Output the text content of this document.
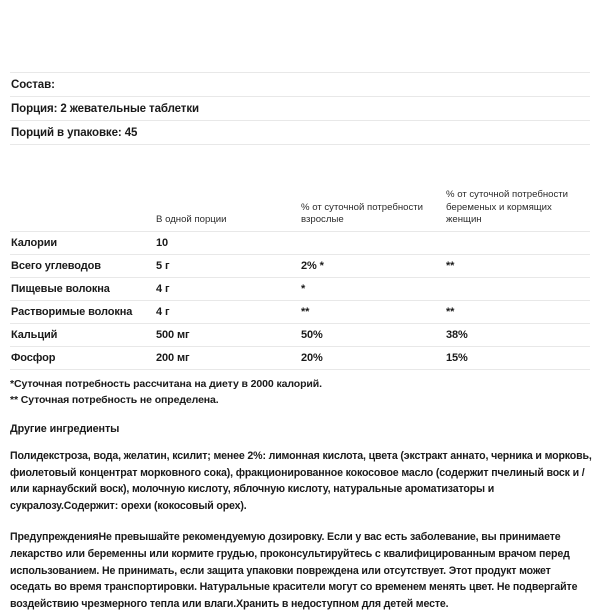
Состав:			
Порция: 2 жевательные таблетки			
Порций в упаковке: 45			
	В одной порции	% от суточной потребности взрослые	% от суточной потребности беременых и кормящих женщин
Калории	10		
Всего углеводов	5 г	2% *	**
Пищевые волокна	4 г	*	
Растворимые волокна	4 г	**	**
Кальций	500 мг	50%	38%
Фосфор	200 мг	20%	15%
*Суточная потребность рассчитана на диету в 2000 калорий.
** Суточная потребность не определена.
Другие ингредиенты
Полидекстроза, вода, желатин, ксилит; менее 2%: лимонная кислота, цвета (экстракт аннато, черника и морковь, фиолетовый концентрат морковного сока), фракционированное кокосовое масло (содержит пчелиный воск и / или карнаубский воск), молочную кислоту, яблочную кислоту, натуральные ароматизаторы и сукралозу.Содержит: орехи (кокосовый орех).
ПредупрежденияНе превышайте рекомендуемую дозировку. Если у вас есть заболевание, вы принимаете лекарство или беременны или кормите грудью, проконсультируйтесь с квалифицированным врачом перед использованием. Не принимать, если защита упаковки повреждена или отсутствует. Этот продукт может оседать во время транспортировки. Натуральные красители могут со временем менять цвет. Не подвергайте воздействию чрезмерного тепла или влаги.Хранить в недоступном для детей месте.
